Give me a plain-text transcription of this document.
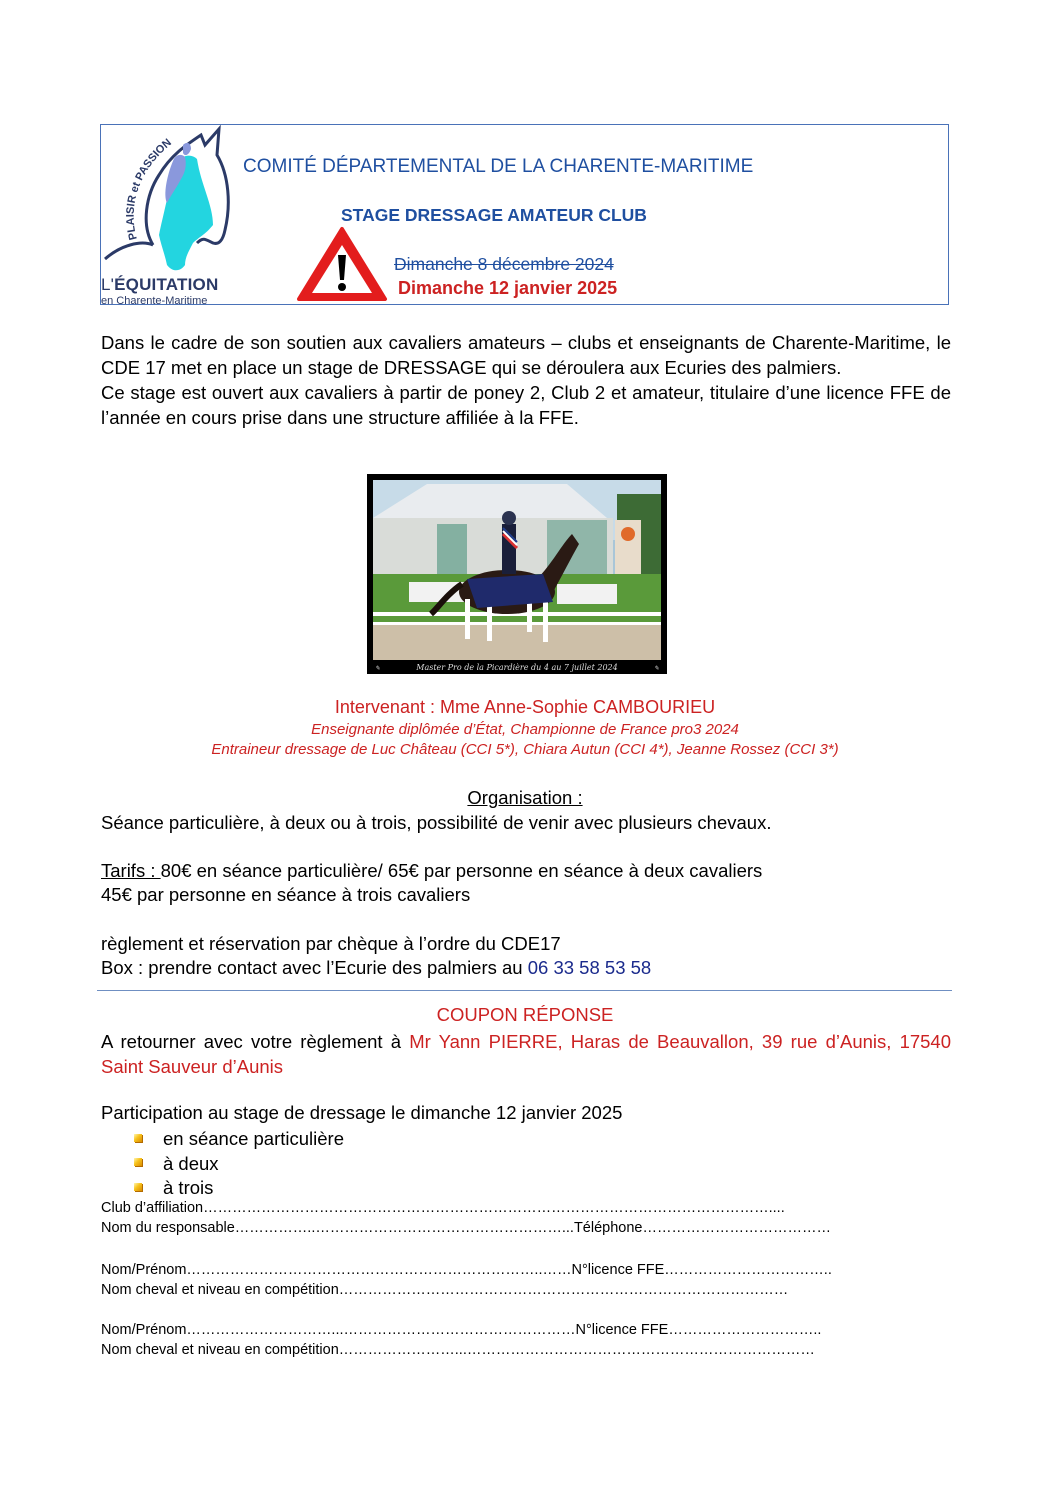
PLAISIR et PASSION
L'ÉQUITATION
en Charente-Maritime
COMITÉ DÉPARTEMENTAL DE LA CHARENTE-MARITIME
STAGE DRESSAGE AMATEUR CLUB
Dimanche 8 décembre 2024
Dimanche 12 janvier 2025

Dans le cadre de son soutien aux cavaliers amateurs – clubs et enseignants de Charente-Maritime, le CDE 17 met en place un stage de DRESSAGE qui se déroulera aux Ecuries des palmiers.

Ce stage est ouvert aux cavaliers à partir de poney 2, Club 2 et amateur, titulaire d’une licence FFE de l’année en cours prise dans une structure affiliée à la FFE.

✎	Master Pro de la Picardière du 4 au 7 juillet 2024	✎
Intervenant : Mme Anne-Sophie CAMBOURIEU
Enseignante diplômée d’État, Championne de France pro3 2024
Entraineur dressage de Luc Château (CCI 5*), Chiara Autun (CCI 4*), Jeanne Rossez (CCI 3*)
Organisation :
Séance particulière, à deux ou à trois, possibilité de venir avec plusieurs chevaux.
Tarifs : 80€ en séance particulière/ 65€ par personne en séance à deux cavaliers
45€ par personne en séance à trois cavaliers
règlement et réservation par chèque à l’ordre du CDE17
Box : prendre contact avec l’Ecurie des palmiers au 06 33 58 53 58
COUPON RÉPONSE
A retourner avec votre règlement à Mr Yann PIERRE, Haras de Beauvallon, 39 rue d’Aunis, 17540 Saint Sauveur d’Aunis
Participation au stage de dressage le dimanche 12 janvier 2025
en séance particulière
à deux
à trois
Club d’affiliation………………………………………………………………………………………………………....
Nom du responsable……………..……………………………………………...Téléphone…………………………………
Nom/Prénom………………………………………………………………..……N°licence FFE……………………………..
Nom cheval et niveau en compétition…………………………………………………………………………………
Nom/Prénom…………………………...…………………………………………N°licence FFE…………………………..
Nom cheval et niveau en compétition……………………...………………………………………………………………
